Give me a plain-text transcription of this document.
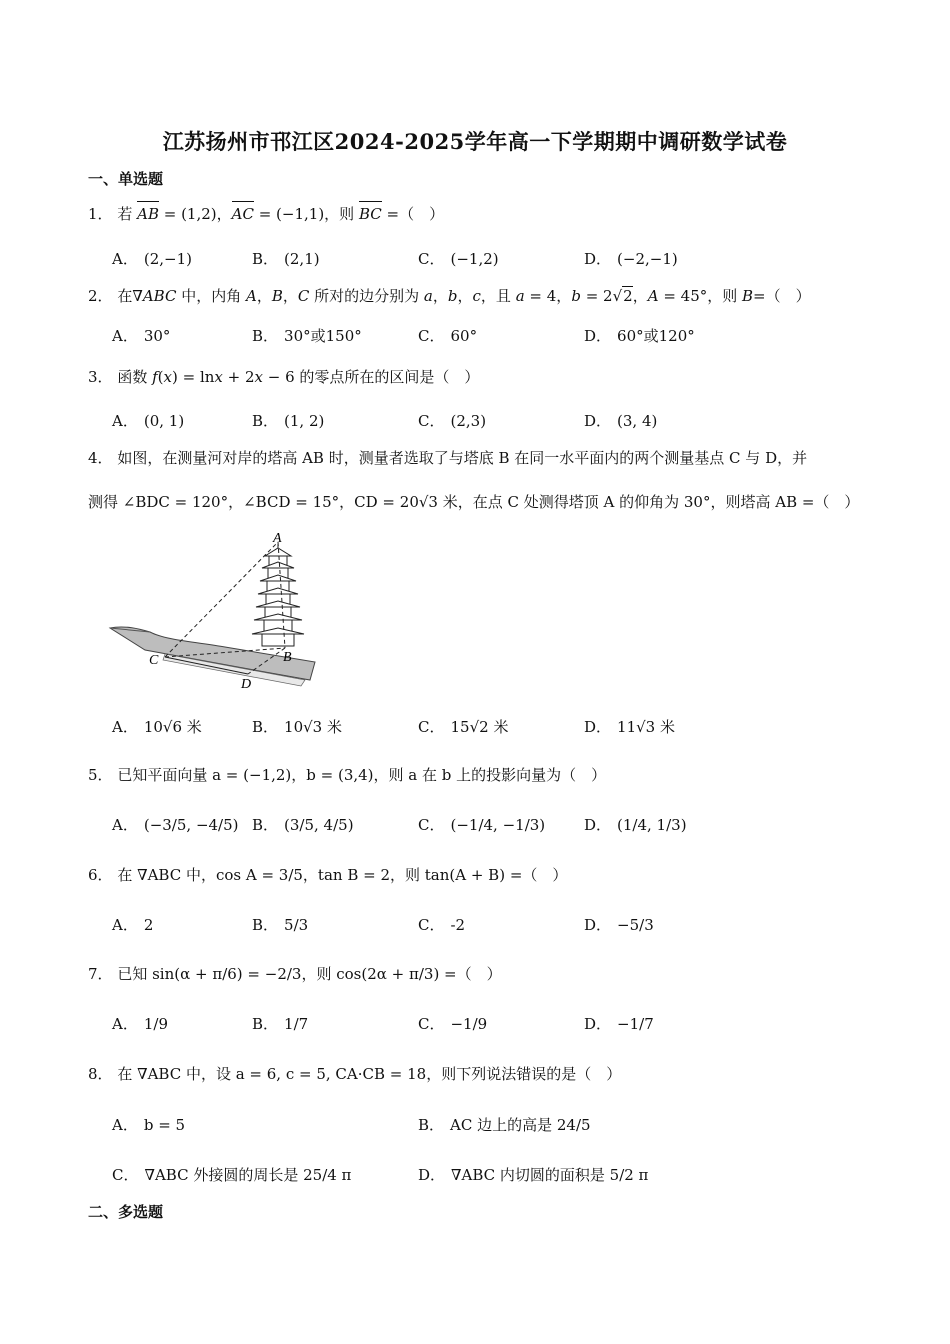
江苏扬州市邗江区2024-2025学年高一下学期期中调研数学试卷
一、单选题
1． 若 AB = (1,2)，AC = (−1,1)，则 BC =（　）
A． (2,−1)	B． (2,1)	C． (−1,2)	D． (−2,−1)
2． 在∇ABC 中，内角 A，B，C 所对的边分别为 a，b，c，且 a = 4，b = 2√2，A = 45°，则 B=（　）
A． 30°	B． 30°或150°	C． 60°	D． 60°或120°
3． 函数 f(x) = lnx + 2x − 6 的零点所在的区间是（　）
A． (0, 1)	B． (1, 2)	C． (2,3)	D． (3, 4)
4． 如图，在测量河对岸的塔高 AB 时，测量者选取了与塔底 B 在同一水平面内的两个测量基点 C 与 D，并
测得 ∠BDC = 120°，∠BCD = 15°，CD = 20√3 米，在点 C 处测得塔顶 A 的仰角为 30°，则塔高 AB =（　）
A
B
C
D
A． 10√6 米	B． 10√3 米	C． 15√2 米	D． 11√3 米
5． 已知平面向量 a = (−1,2)，b = (3,4)，则 a 在 b 上的投影向量为（　）
A． (−3/5, −4/5) B． (3/5, 4/5)	C． (−1/4, −1/3)	D． (1/4, 1/3)
6． 在 ∇ABC 中，cos A = 3/5，tan B = 2，则 tan(A + B) =（　）
A． 2	B． 5/3	C． -2	D． −5/3
7． 已知 sin(α + π/6) = −2/3，则 cos(2α + π/3) =（　）
A． 1/9	B． 1/7	C． −1/9	D． −1/7
8． 在 ∇ABC 中，设 a = 6, c = 5, CA·CB = 18，则下列说法错误的是（　）
A． b = 5	B． AC 边上的高是 24/5
C． ∇ABC 外接圆的周长是 25/4 π	D． ∇ABC 内切圆的面积是 5/2 π
二、多选题
